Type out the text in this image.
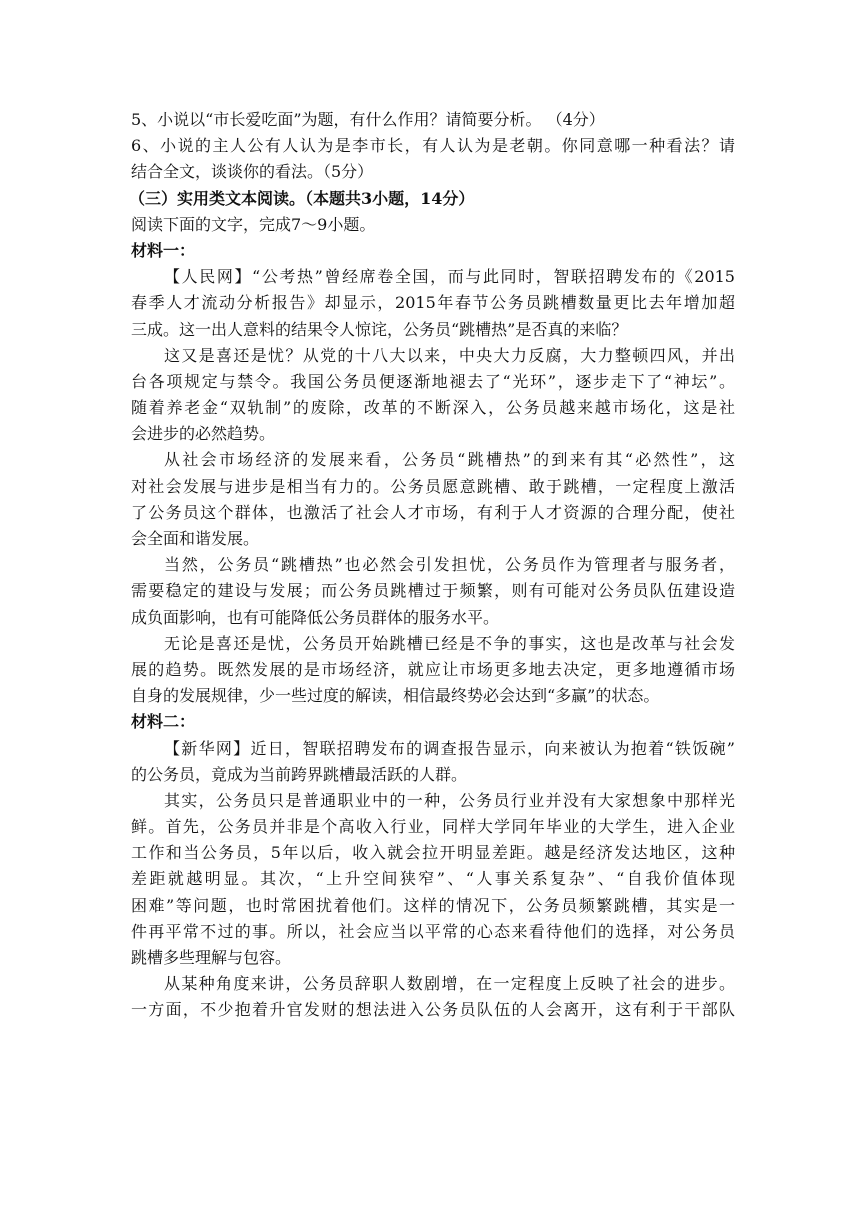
5、小说以“市长爱吃面”为题，有什么作用？请简要分析。 （4分）
6、小说的主人公有人认为是李市长，有人认为是老朝。你同意哪一种看法？请
结合全文，谈谈你的看法。（5分）
（三）实用类文本阅读。（本题共3小题，14分）
阅读下面的文字，完成7～9小题。
材料一：
【人民网】“公考热”曾经席卷全国，而与此同时，智联招聘发布的《2015
春季人才流动分析报告》却显示，2015年春节公务员跳槽数量更比去年增加超
三成。这一出人意料的结果令人惊诧，公务员“跳槽热”是否真的来临？
这又是喜还是忧？从党的十八大以来，中央大力反腐，大力整顿四风，并出
台各项规定与禁令。我国公务员便逐渐地褪去了“光环”，逐步走下了“神坛”。
随着养老金“双轨制”的废除，改革的不断深入，公务员越来越市场化，这是社
会进步的必然趋势。
从社会市场经济的发展来看，公务员“跳槽热”的到来有其“必然性”，这
对社会发展与进步是相当有力的。公务员愿意跳槽、敢于跳槽，一定程度上激活
了公务员这个群体，也激活了社会人才市场，有利于人才资源的合理分配，使社
会全面和谐发展。
当然，公务员“跳槽热”也必然会引发担忧，公务员作为管理者与服务者，
需要稳定的建设与发展；而公务员跳槽过于频繁，则有可能对公务员队伍建设造
成负面影响，也有可能降低公务员群体的服务水平。
无论是喜还是忧，公务员开始跳槽已经是不争的事实，这也是改革与社会发
展的趋势。既然发展的是市场经济，就应让市场更多地去决定，更多地遵循市场
自身的发展规律，少一些过度的解读，相信最终势必会达到“多赢”的状态。
材料二：
【新华网】近日，智联招聘发布的调查报告显示，向来被认为抱着“铁饭碗”
的公务员，竟成为当前跨界跳槽最活跃的人群。
其实，公务员只是普通职业中的一种，公务员行业并没有大家想象中那样光
鲜。首先，公务员并非是个高收入行业，同样大学同年毕业的大学生，进入企业
工作和当公务员，5年以后，收入就会拉开明显差距。越是经济发达地区，这种
差距就越明显。其次，“上升空间狭窄”、“人事关系复杂”、“自我价值体现
困难”等问题，也时常困扰着他们。这样的情况下，公务员频繁跳槽，其实是一
件再平常不过的事。所以，社会应当以平常的心态来看待他们的选择，对公务员
跳槽多些理解与包容。
从某种角度来讲，公务员辞职人数剧增，在一定程度上反映了社会的进步。
一方面，不少抱着升官发财的想法进入公务员队伍的人会离开，这有利于干部队
